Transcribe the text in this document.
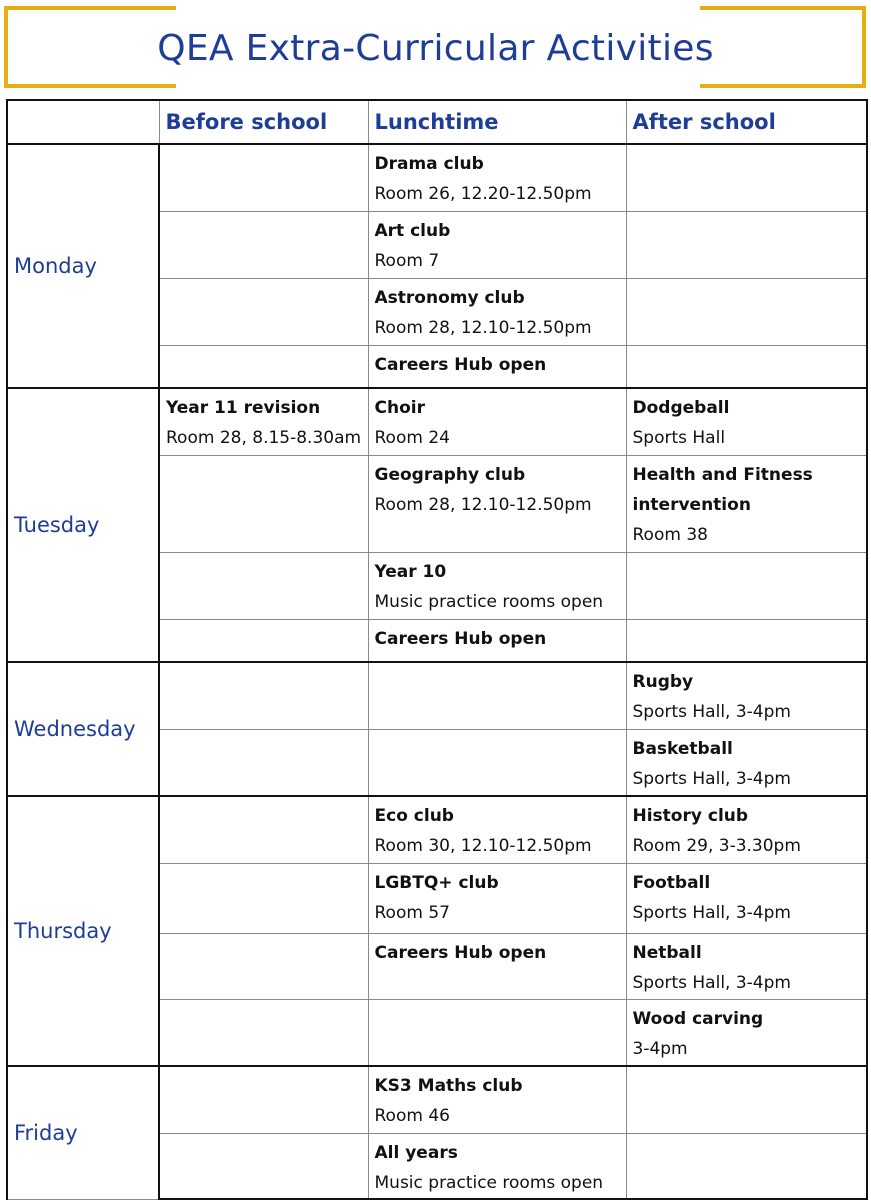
QEA Extra-Curricular Activities
	Before school	Lunchtime	After school
Monday		Drama club
Room 26, 12.20-12.50pm	

		Art club
Room 7	

		Astronomy club
Room 28, 12.10-12.50pm	

		Careers Hub open	

Tuesday	Year 11 revision
Room 28, 8.15-8.30am	Choir
Room 24	Dodgeball
Sports Hall

		Geography club
Room 28, 12.10-12.50pm	Health and Fitness
intervention
Room 38

		Year 10
Music practice rooms open	

		Careers Hub open	

Wednesday			Rugby
Sports Hall, 3-4pm

			Basketball
Sports Hall, 3-4pm

Thursday		Eco club
Room 30, 12.10-12.50pm	History club
Room 29, 3-3.30pm

		LGBTQ+ club
Room 57	Football
Sports Hall, 3-4pm

		Careers Hub open	Netball
Sports Hall, 3-4pm

			Wood carving
3-4pm

Friday		KS3 Maths club
Room 46	

		All years
Music practice rooms open	
